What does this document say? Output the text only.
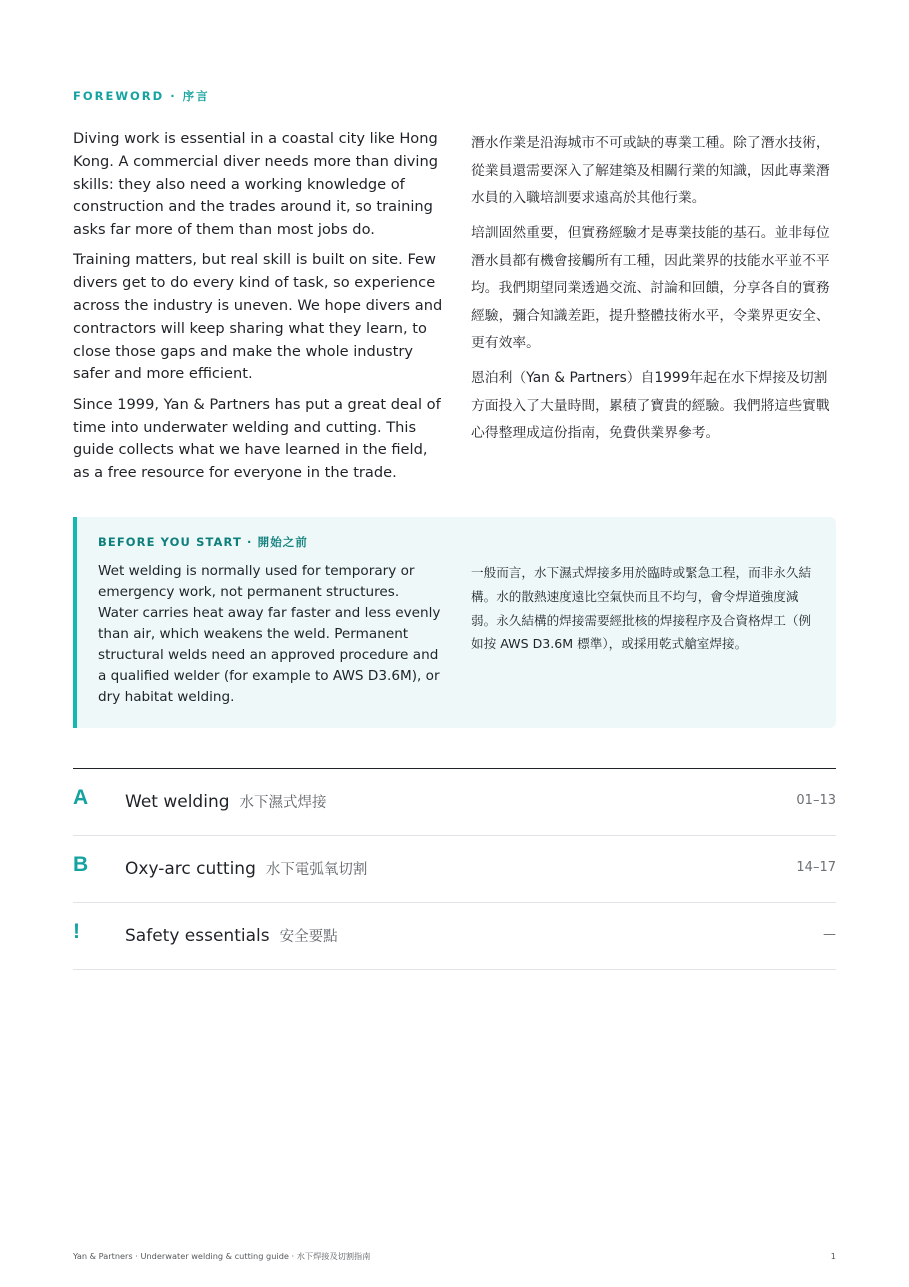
FOREWORD · 序言

Diving work is essential in a coastal city like Hong Kong. A commercial diver needs more than diving skills: they also need a working knowledge of construction and the trades around it, so training asks far more of them than most jobs do.

Training matters, but real skill is built on site. Few divers get to do every kind of task, so experience across the industry is uneven. We hope divers and contractors will keep sharing what they learn, to close those gaps and make the whole industry safer and more efficient.

Since 1999, Yan & Partners has put a great deal of time into underwater welding and cutting. This guide collects what we have learned in the field, as a free resource for everyone in the trade.

潛水作業是沿海城市不可或缺的專業工種。除了潛水技術，從業員還需要深入了解建築及相關行業的知識，因此專業潛水員的入職培訓要求遠高於其他行業。

培訓固然重要，但實務經驗才是專業技能的基石。並非每位潛水員都有機會接觸所有工種，因此業界的技能水平並不平均。我們期望同業透過交流、討論和回饋，分享各自的實務經驗，彌合知識差距，提升整體技術水平，令業界更安全、更有效率。

恩泊利（Yan & Partners）自1999年起在水下焊接及切割方面投入了大量時間，累積了寶貴的經驗。我們將這些實戰心得整理成這份指南，免費供業界參考。

BEFORE YOU START · 開始之前
Wet welding is normally used for temporary or emergency work, not permanent structures. Water carries heat away far faster and less evenly than air, which weakens the weld. Permanent structural welds need an approved procedure and a qualified welder (for example to AWS D3.6M), or dry habitat welding.
一般而言，水下濕式焊接多用於臨時或緊急工程，而非永久結構。水的散熱速度遠比空氣快而且不均勻，會令焊道強度減弱。永久結構的焊接需要經批核的焊接程序及合資格焊工（例如按 AWS D3.6M 標準），或採用乾式艙室焊接。
A	Wet welding 水下濕式焊接	01–13
B	Oxy-arc cutting 水下電弧氧切割	14–17
!	Safety essentials 安全要點	—
Yan & Partners · Underwater welding & cutting guide · 水下焊接及切割指南	1
